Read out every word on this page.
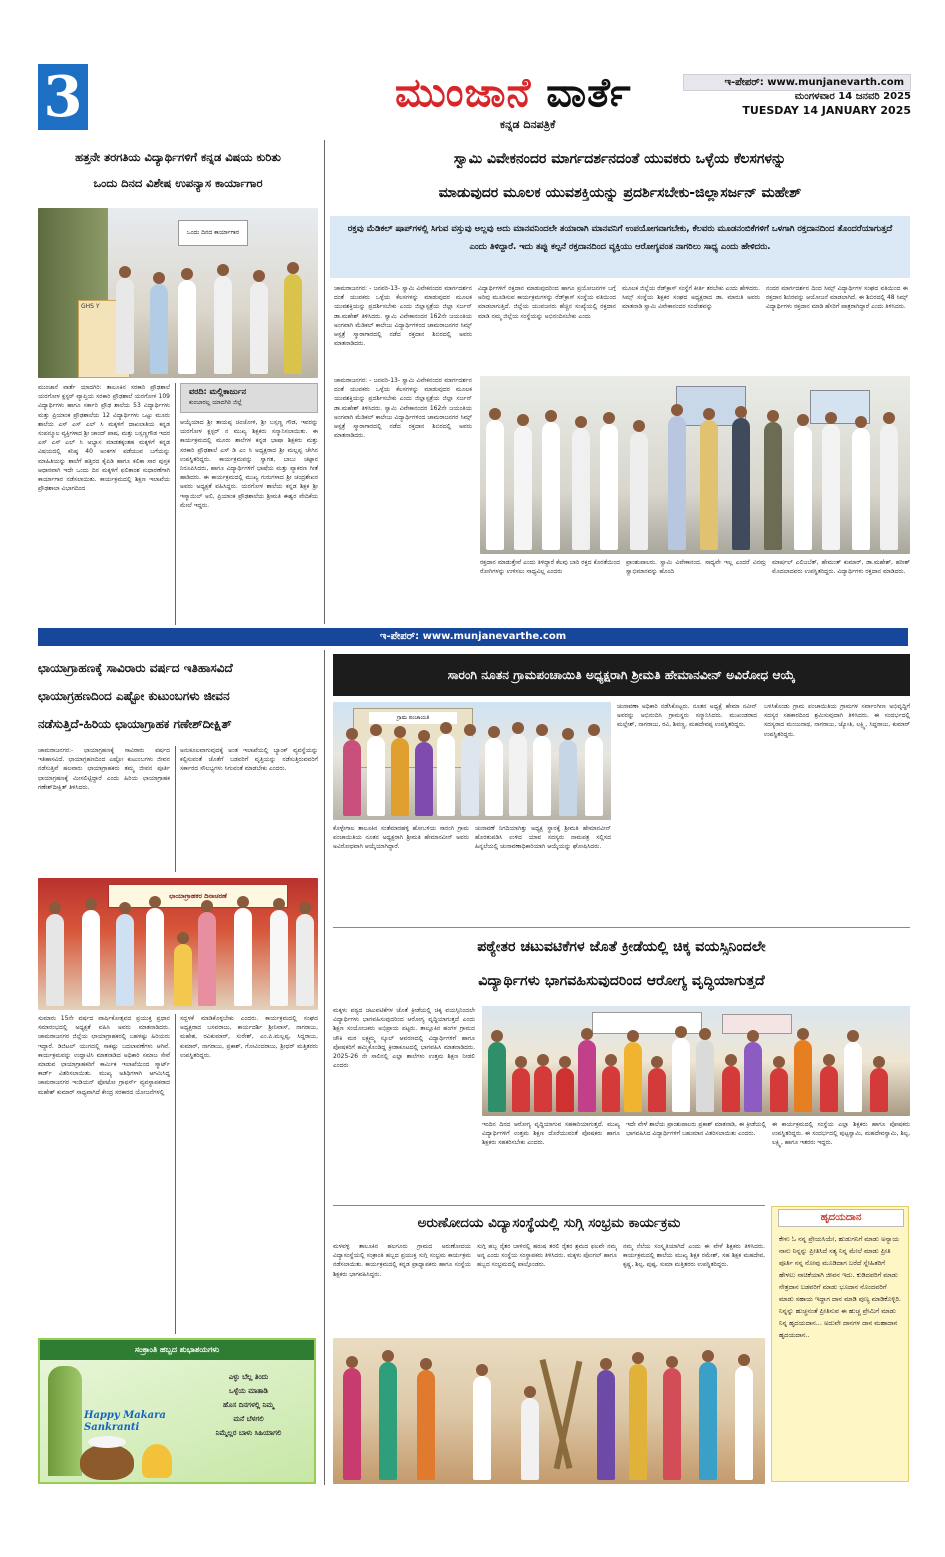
3	ಮುಂಜಾನೆ ವಾರ್ತೆ
ಕನ್ನಡ ದಿನಪತ್ರಿಕೆ
ಇ-ಪೇಪರ್: www.munjanevarth.com
ಮಂಗಳವಾರ 14 ಜನವರಿ 2025
TUESDAY 14 JANUARY 2025
ಹತ್ತನೇ ತರಗತಿಯ ವಿದ್ಯಾರ್ಥಿಗಳಿಗೆ ಕನ್ನಡ ವಿಷಯ ಕುರಿತು
ಒಂದು ದಿನದ ವಿಶೇಷ ಉಪನ್ಯಾಸ ಕಾರ್ಯಾಗಾರ
ಒಂದು ದಿನದ ಕಾರ್ಯಾಗಾರ
GHS Y
ಮುಂಜಾನೆ ವಾರ್ತೆ ಯಾದಗಿರಿ: ತಾಲೂಕಿನ ಸರಕಾರಿ ಪ್ರೌಢಶಾಲೆ ಯರಗೋಳ ಕ್ಲಸ್ಟರ್ ವ್ಯಾಪ್ತಿಯ ಸರಕಾರಿ ಪ್ರೌಢಶಾಲೆ ಯರಗೋಳ 109 ವಿದ್ಯಾರ್ಥಿಗಳು ಹಾಗೂ ಸರ್ಕಾರಿ ಪ್ರೌಢ ಶಾಲೆಯ 53 ವಿದ್ಯಾರ್ಥಿಗಳು ಮತ್ತು ಪ್ರಿಯಾಂಕ ಪ್ರೌಢಶಾಲೆಯ 12 ವಿದ್ಯಾರ್ಥಿಗಳು ಒಟ್ಟು ಮೂರು ಶಾಲೆಯ ಎಸ್ ಎಸ್ ಎಲ್ ಸಿ ಮಕ್ಕಳಿಗೆ ದಾಖಲಾತಿಯ ಕನ್ನಡ ಸಂಪನ್ಮೂಲ ವ್ಯಕ್ತಿಗಳಾದ ಶ್ರೀ ಚಾಂದ್ ಪಾಷ, ಮತ್ತು ಬಸ್ಸಣ್ಣಗೌಡ ಇದರ ಎಸ್ ಎಸ್ ಎಲ್ ಸಿ ಅಭ್ಯಾಸ ಮಾಡತಕ್ಕಂತಹ ಮಕ್ಕಳಿಗೆ ಕನ್ನಡ ವಿಷಯದಲ್ಲಿ ಕನಿಷ್ಠ 40 ಅಂಕಗಳ ಪಡೆಯುವ ಬಗೆಯನ್ನು ಮಾಹಿತಿಯನ್ನು ಶಾಲೆಗೆ ಹತ್ತಿರದ ಕೈಪಿಡಿ ಹಾಗೂ ಕಲಿಕಾ ಸಾರ ಪುಸ್ತಕ ಆಧಾರವಾಗಿ ಇದೇ ಒಂದು ದಿನ ಮಕ್ಕಳಿಗೆ ಫಲಿತಾಂಶ ಸುಧಾರಣೆಗಾಗಿ ಕಾರ್ಯಾಗಾರ ನಡೆಸಲಾಯಿತು. ಕಾರ್ಯಕ್ರಮದಲ್ಲಿ ಶಿಕ್ಷಣ ಇಲಾಖೆಯ ಪ್ರೌಢಶಾಲಾ ವಿಭಾಗದಿಂದ
ವರದಿ: ಮಲ್ಲಿಕಾರ್ಜುನ
ಕುಂಬಾರಲ್ಲ ಯಾದಗಿರಿ ಜಿಲ್ಲೆ
ಆಯ್ಕೆಯಾದ ಶ್ರೀ ತಾಯಪ್ಪ ಚಿಂಚೋಳಿ, ಶ್ರೀ ಬಸ್ಸಣ್ಣ ಗೌಡ, ಇವರನ್ನು ಯರಗೋಳ ಕ್ಲಸ್ಟರ್ ನ ಮುಖ್ಯ ಶಿಕ್ಷಕರು ಸನ್ಮಾನಿಸಲಾಯಿತು. ಈ ಕಾರ್ಯಕ್ರಮದಲ್ಲಿ ಮೂರು ಶಾಲೆಗಳ ಕನ್ನಡ ಭಾಷಾ ಶಿಕ್ಷಕರು ಮತ್ತು ಸರಕಾರಿ ಪ್ರೌಢಶಾಲೆ ಎಸ್ ಡಿ ಎಂ ಸಿ ಅಧ್ಯಕ್ಷರಾದ ಶ್ರೀ ಮಲ್ಲಪ್ಪ ಚೇಗಿನ ಉಪಸ್ಥಿತರಿದ್ದರು. ಕಾರ್ಯಕ್ರಮವನ್ನು ಸ್ವಾಗತ, ಬಾಬು ಚಟ್ಟಾನ ನಿರೂಪಿಸಿದರು, ಹಾಗೂ ವಿದ್ಯಾರ್ಥಿಗಳಿಗೆ ಭಾಷೆಯ ಮತ್ತು ವ್ಯಾಕರಣ ಗೀತೆ ಹಾಡಿದರು. ಈ ಕಾರ್ಯಕ್ರಮದಲ್ಲಿ ಮುಖ್ಯ ಗುರುಗಳಾದ ಶ್ರೀ ಚಂದ್ರಶೇಖರ ಅವರು ಅಧ್ಯಕ್ಷತೆ ವಹಿಸಿದ್ದರು. ಯರಗೋಳ ಶಾಲೆಯ ಕನ್ನಡ ಶಿಕ್ಷಕ ಶ್ರೀ ಇಸ್ಮಾಯಿಲ್ ಅಲಿ, ಪ್ರಿಯಾಂಕ ಪ್ರೌಢಶಾಲೆಯ ಶ್ರೀಮತಿ ಈಶ್ವರ ವೇದಿಕೆಯ ಮೇಲೆ ಇದ್ದರು.
ಸ್ವಾಮಿ ವಿವೇಕನಂದರ ಮಾರ್ಗದರ್ಶನದಂತೆ ಯುವಕರು ಒಳ್ಳೆಯ ಕೆಲಸಗಳನ್ನು
ಮಾಡುವುದರ ಮೂಲಕ ಯುವಶಕ್ತಿಯನ್ನು ಪ್ರದರ್ಶಿಸಬೇಕು-ಜಿಲ್ಲಾಸರ್ಜನ್ ಮಹೇಶ್
ರಕ್ತವು ಮೆಡಿಕಲ್ ಷಾಪ್‌ಗಳಲ್ಲಿ ಸಿಗುವ ವಸ್ತುವು ಅಲ್ಲವು ಅದು ಮಾನವನಿಂದಲೇ ತಯಾರಾಗಿ ಮಾನವನಿಗೆ ಉಪಯೋಗವಾಗಬೇಕು, ಕೆಲವರು ಮೂಡನಂಬಿಕೆಗಳಿಗೆ ಒಳಗಾಗಿ ರಕ್ತದಾನದಿಂದ ತೊಂದರೆಯಾಗುತ್ತದೆ ಎಂದು ತಿಳಿದ್ದಾರೆ. ಇದು ತಪ್ಪು ಕಲ್ಪನೆ ರಕ್ತದಾನದಿಂದ ವ್ಯಕ್ತಿಯು ಆರೋಗ್ಯವಂತ ನಾಗರಿಲು ಸಾಧ್ಯ ಎಂದು ಹೇಳಿದರು.
ಚಾಮರಾಜನಗರ: - ಜನವರಿ-13- ಸ್ವಾಮಿ ವಿವೇಕನಂದರ ಮಾರ್ಗದರ್ಶನ ದಂತೆ ಯುವಕರು ಒಳ್ಳೆಯ ಕೆಲಸಗಳನ್ನು ಮಾಡುವುದರ ಮೂಲಕ ಯುವಶಕ್ತಿಯನ್ನು ಪ್ರದರ್ಶಿಸಬೇಕು ಎಂದು ಜಿಲ್ಲಾಸ್ಪತ್ರೆಯ ಜಿಲ್ಲಾ ಸರ್ಜನ್ ಡಾ.ಮಹೇಶ್ ತಿಳಿಸಿದರು. ಸ್ವಾಮಿ ವಿವೇಕಾನಂದರ 162ನೇ ಜಯಂತಿಯ ಅಂಗವಾಗಿ ಮೆಡಿಕಲ್ ಕಾಲೇಜು ವಿದ್ಯಾರ್ಥಿಗಳಿಂದ ಚಾಮರಾಜನಗರ ಸಿಮ್ಸ್ ಆಸ್ಪತ್ರೆ ಸ್ಮಾರಾಗಾರದಲ್ಲಿ ನಡೆದ ರಕ್ತದಾನ ಶಿಬಿರದಲ್ಲಿ ಅವರು ಮಾತನಾಡಿದರು.
ವಿದ್ಯಾರ್ಥಿಗಳಿಗೆ ರಕ್ತದಾನ ಮಾಡುವುದರಿಂದ ಹಾಗೂ ಪ್ರಯೋಜನಗಳ ಬಗ್ಗೆ ಅರಿವು ಮೂಡಿಸುವ ಕಾರ್ಯಕ್ರಮಗಳನ್ನು ರೆಡ್‌ಕ್ರಾಸ್ ಸಂಸ್ಥೆಯ ವತಿಯಿಂದ ಮಾಡಲಾಗುತ್ತಿದೆ. ಜಿಲ್ಲೆಯ ಯುವಜನರು ಹೆಚ್ಚಿನ ಸಂಖ್ಯೆಯಲ್ಲಿ ರಕ್ತದಾನ ಮಾಡಿ ನಮ್ಮ ಜಿಲ್ಲೆಯ ಸಂಸ್ಥೆಯನ್ನು ಅಭಿನಂದಿಸಬೇಕು ಎಂದು
ಮೂಲಕ ಜಿಲ್ಲೆಯ ರೆಡ್‌ಕ್ರಾಸ್ ಸಂಸ್ಥೆಗೆ ಕೀರ್ತಿ ತರಬೇಕು ಎಂದು ಹೇಳಿದರು. ಸಿಮ್ಸ್ ಸಂಸ್ಥೆಯ ಶಿಕ್ಷಕರ ಸಂಘದ ಅಧ್ಯಕ್ಷರಾದ ಡಾ. ಮಾರುತಿ ಅವರು ಮಾತನಾಡಿ ಸ್ವಾಮಿ ವಿವೇಕಾನಂದರ ಸಂದೇಶವನ್ನು
ನಂದರ ಮಾರ್ಗದರ್ಶನ ದಿಂದ ಸಿಮ್ಸ್ ವಿದ್ಯಾರ್ಥಿಗಳ ಸಂಘದ ವತಿಯಿಂದ ಈ ರಕ್ತದಾನ ಶಿಬಿರವನ್ನು ಆಯೋಜನೆ ಮಾಡಲಾಗಿದೆ. ಈ ಶಿಬಿರದಲ್ಲಿ 48 ಸಿಮ್ಸ್ ವಿದ್ಯಾರ್ಥಿಗಳು ರಕ್ತದಾನ ಮಾಡಿ ಹೆಸರಿಗೆ ಪಾತ್ರರಾಗಿದ್ದಾರೆ ಎಂದು ತಿಳಿಸಿದರು.
ಚಾಮರಾಜನಗರ: - ಜನವರಿ-13- ಸ್ವಾಮಿ ವಿವೇಕನಂದರ ಮಾರ್ಗದರ್ಶನ ದಂತೆ ಯುವಕರು ಒಳ್ಳೆಯ ಕೆಲಸಗಳನ್ನು ಮಾಡುವುದರ ಮೂಲಕ ಯುವಶಕ್ತಿಯನ್ನು ಪ್ರದರ್ಶಿಸಬೇಕು ಎಂದು ಜಿಲ್ಲಾಸ್ಪತ್ರೆಯ ಜಿಲ್ಲಾ ಸರ್ಜನ್ ಡಾ.ಮಹೇಶ್ ತಿಳಿಸಿದರು. ಸ್ವಾಮಿ ವಿವೇಕಾನಂದರ 162ನೇ ಜಯಂತಿಯ ಅಂಗವಾಗಿ ಮೆಡಿಕಲ್ ಕಾಲೇಜು ವಿದ್ಯಾರ್ಥಿಗಳಿಂದ ಚಾಮರಾಜನಗರ ಸಿಮ್ಸ್ ಆಸ್ಪತ್ರೆ ಸ್ಮಾರಾಗಾರದಲ್ಲಿ ನಡೆದ ರಕ್ತದಾನ ಶಿಬಿರದಲ್ಲಿ ಅವರು ಮಾತನಾಡಿದರು.
ರಕ್ತದಾನ ಮಾಡುತ್ತೇವೆ ಎಂದು ತಿಳಿದ್ದಾರೆ ಕೆಲವು ಬಾರಿ ರಕ್ತದ ಕೊರತೆಯಿಂದ ರೋಗಿಗಳನ್ನು ಉಳಿಸಲು ಸಾಧ್ಯವಿಲ್ಲ ಎಂದರು
ಪ್ರಾಂಶುಪಾಲರು. ಸ್ವಾಮಿ ವಿವೇಕಾನಂದ. ಸಾಧ್ಯವೇ ಇಲ್ಲ ಎಂದರೆ ವಿನಮ್ರ ಸ್ವಾಭಿಮಾನವನ್ನು ಹೊಂದಿ
ಮಾರ್ಷಲ್ ಎಲಿಜಬೆತ್, ಹೇಮಂತ್ ಕುಮಾರ್, ಡಾ.ಮಹೇಶ್, ಹರೀಶ್ ಮೊದಲಾದವರು ಉಪಸ್ಥಿತರಿದ್ದರು. ವಿದ್ಯಾರ್ಥಿಗಳು ರಕ್ತದಾನ ಮಾಡಿದರು.
ಇ-ಪೇಪರ್: www.munjanevarthe.com
ಛಾಯಾಗ್ರಾಹಣಕ್ಕೆ ಸಾವಿರಾರು ವರ್ಷದ ಇತಿಹಾಸವಿದೆ
ಛಾಯಾಗ್ರಹಣದಿಂದ ಎಷ್ಟೋ ಕುಟುಂಬಗಳು ಜೀವನ
ನಡೆಸುತ್ತಿದೆ-ಹಿರಿಯ ಛಾಯಾಗ್ರಾಹಕ ಗಣೇಶ್‌ದೀಕ್ಷಿತ್
ಚಾಮರಾಜನಗರ:- ಛಾಯಾಗ್ರಹಣಕ್ಕೆ ಸಾವಿರಾರು ವರ್ಷದ ಇತಿಹಾಸವಿದೆ. ಛಾಯಾಗ್ರಹಣದಿಂದ ಎಷ್ಟೋ ಕುಟುಂಬಗಳು ಜೀವನ ನಡೆಸುತ್ತಿವೆ ಹಲವಾರು ಛಾಯಾಗ್ರಾಹಕರು ತಮ್ಮ ಜೀವನ ಪೂರ್ತಿ ಛಾಯಾಗ್ರಹಣಕ್ಕೆ ಮೀಸಲಿಟ್ಟಿದ್ದಾರೆ ಎಂದು ಹಿರಿಯ ಛಾಯಾಗ್ರಾಹಕ ಗಣೇಶ್‌ದೀಕ್ಷಿತ್ ತಿಳಿಸಿದರು.
ಅನುಕೂಲವಾಗುವುದಕ್ಕೆ ಅಂತ ಇಲಾಖೆಯಲ್ಲಿ ಬ್ಯಾಂಕ್ ವ್ಯವಸ್ಥೆಯನ್ನು ಕಲ್ಪಿಸುವಂತೆ ಜೊತೆಗೆ ಬಡವರಿಗೆ ವೃತ್ತಿಯನ್ನು ನಡೆಸುತ್ತಿರುವವರಿಗೆ ಸರ್ಕಾರದ ಸೌಲಭ್ಯಗಳು ಸಿಗುವಂತೆ ಮಾಡಬೇಕು ಎಂದರು.
ಛಾಯಾಗ್ರಾಹಕರ ದಿನಾಚರಣೆ
ಸುಮಾರು 15ನೇ ವರ್ಷದ ವಾರ್ಷಿಕೋತ್ಸವದ ಪ್ರಯುಕ್ತ ಪ್ರಧಾನ ಸಮಾರಂಭದಲ್ಲಿ ಅಧ್ಯಕ್ಷತೆ ವಹಿಸಿ ಅವರು ಮಾತನಾಡಿದರು. ಚಾಮರಾಜನಗರ ಜಿಲ್ಲೆಯ ಛಾಯಾಗ್ರಾಹಕರಲ್ಲಿ ಬಹಳಷ್ಟು ಹಿರಿಯರು ಇದ್ದಾರೆ. ಡಿಜಿಟಲ್ ಯುಗದಲ್ಲಿ ಸಾಕಷ್ಟು ಬದಲಾವಣೆಗಳು ಆಗಿವೆ. ಕಾರ್ಯಕ್ರಮವನ್ನು ಉದ್ಘಾಟಿಸಿ ಮಾತನಾಡಿದ ಅಧಿಕಾರಿ ಸಮಾಜ ಸೇವೆ ಮಾಡುವ ಛಾಯಾಗ್ರಾಹಕರಿಗೆ ಕಾರ್ಮಿಕ ಇಲಾಖೆಯಿಂದ ಸ್ಮಾರ್ಟ್ ಕಾರ್ಡ್ ವಿತರಿಸಲಾಯಿತು. ಮುಖ್ಯ ಅತಿಥಿಗಳಾಗಿ ಆಗಮಿಸಿದ್ದ ಚಾಮರಾಜನಗರ ಇಂಡಿಯನ್ ಫೋಟೋ ಗ್ರಾಫರ್ಸ್ ವ್ಯವಸ್ಥಾಪಕರಾದ ಮಹೇಶ್ ಕುಮಾರ್ ಸಾಧ್ಯವಾಗಿದೆ ಕೇಂದ್ರ ಸರಕಾರದ ಯೋಜನೆಗಳಲ್ಲಿ
ಸದ್ಬಳಕೆ ಮಾಡಿಕೊಳ್ಳಬೇಕು ಎಂದರು. ಕಾರ್ಯಕ್ರಮದಲ್ಲಿ ಸಂಘದ ಅಧ್ಯಕ್ಷರಾದ ಬಸವರಾಜು, ಕಾರ್ಯದರ್ಶಿ ಶ್ರೀನಿವಾಸ್, ನಾಗರಾಜು, ಮಹೇಶ, ರವಿಕುಮಾರ್, ಸುರೇಶ್, ಎಂ.ಪಿ.ಮಲ್ಲಪ್ಪ, ಸಿದ್ದರಾಜು, ಕುಮಾರ್, ನಾಗರಾಜು, ಪ್ರಕಾಶ್, ಗೋವಿಂದರಾಜು, ಶ್ರೀಧರ್ ಮತ್ತಿತರರು ಉಪಸ್ಥಿತರಿದ್ದರು.
ಸಾರಂಗಿ ನೂತನ ಗ್ರಾಮಪಂಚಾಯಿತಿ ಅಧ್ಯಕ್ಷರಾಗಿ ಶ್ರೀಮತಿ ಹೇಮಾನವೀನ್ ಅವಿರೋಧ ಆಯ್ಕೆ
ಗ್ರಾಮ ಪಂಚಾಯತಿ
ಕೊಳ್ಳೇಗಾಲ ತಾಲೂಕಿನ ಸಂತೆಮಾರಹಳ್ಳಿ ಹೋಬಳಿಯ ಸಾರಂಗಿ ಗ್ರಾಮ ಪಂಚಾಯಿತಿಯ ನೂತನ ಅಧ್ಯಕ್ಷರಾಗಿ ಶ್ರೀಮತಿ ಹೇಮಾನವೀನ್ ಅವರು ಅವಿರೋಧವಾಗಿ ಆಯ್ಕೆಯಾಗಿದ್ದಾರೆ.
ಚುನಾವಣೆ ನಿಗದಿಯಾಗಿತ್ತು ಅಧ್ಯಕ್ಷ ಸ್ಥಾನಕ್ಕೆ ಶ್ರೀಮತಿ ಹೇಮಾನವೀನ್ ಹೊರತುಪಡಿಸಿ ಉಳಿದ ಯಾವ ಸದಸ್ಯರು ನಾಮಪತ್ರ ಸಲ್ಲಿಸದ ಹಿನ್ನಲೆಯಲ್ಲಿ ಚುನಾವಣಾಧಿಕಾರಿಯಾಗಿ ಆಯ್ಕೆಯನ್ನು ಘೋಷಿಸಿದರು.
ಚುನಾವಣಾ ಅಧಿಕಾರಿ ನಡೆಸಿಕೊಟ್ಟರು. ನೂತನ ಅಧ್ಯಕ್ಷೆ ಹೇಮಾ ನವೀನ್ ಅವರನ್ನು ಅಭಿನಂದಿಸಿ ಗ್ರಾಮಸ್ಥರು ಸನ್ಮಾನಿಸಿದರು. ಮುಖಂಡರಾದ ಮಲ್ಲೇಶ್, ನಾಗರಾಜು, ರವಿ, ಶಿವಣ್ಣ, ಮಹದೇವಪ್ಪ ಉಪಸ್ಥಿತರಿದ್ದರು.
ಬಳಸಿಕೊಂಡು ಗ್ರಾಮ ಪಂಚಾಯಿತಿಯ ಗ್ರಾಮಗಳ ಸರ್ವಾಂಗೀಣ ಅಭಿವೃದ್ಧಿಗೆ ಸದಸ್ಯರ ಸಹಕಾರದಿಂದ ಶ್ರಮಿಸುವುದಾಗಿ ತಿಳಿಸಿದರು. ಈ ಸಂದರ್ಭದಲ್ಲಿ ಸದಸ್ಯರಾದ ಮಂಜುನಾಥ, ನಾಗರಾಜು, ಜ್ಯೋತಿ, ಲಕ್ಷ್ಮಿ, ಸಿದ್ದರಾಜು, ಕುಮಾರ್ ಉಪಸ್ಥಿತರಿದ್ದರು.
ಪಠ್ಯೇತರ ಚಟುವಟಿಕೆಗಳ ಜೊತೆ ಕ್ರೀಡೆಯಲ್ಲಿ ಚಿಕ್ಕ ವಯಸ್ಸಿನಿಂದಲೇ
ವಿದ್ಯಾರ್ಥಿಗಳು ಭಾಗವಹಿಸುವುದರಿಂದ ಆರೋಗ್ಯ ವೃದ್ಧಿಯಾಗುತ್ತದೆ
ಮಕ್ಕಳು ಪಠ್ಯದ ಚಟುವಟಿಕೆಗಳ ಜೊತೆ ಕ್ರೀಡೆಯಲ್ಲಿ ಚಿಕ್ಕ ವಯಸ್ಸಿನಿಂದಲೇ ವಿದ್ಯಾರ್ಥಿಗಳು ಭಾಗವಹಿಸುವುದರಿಂದ ಆರೋಗ್ಯ ವೃದ್ಧಿಯಾಗುತ್ತದೆ ಎಂದು ಶಿಕ್ಷಣ ಸಂಯೋಜಕರು ಅಭಿಪ್ರಾಯ ಪಟ್ಟರು. ತಾಲ್ಲೂಕಿನ ಹಂಗಳ ಗ್ರಾಮದ ಚೌಕಿ ಮಠ ಲಕ್ಷ್ಮಮ್ಮ ಸ್ಕೂಲ್ ಆವರಣದಲ್ಲಿ ವಿದ್ಯಾರ್ಥಿಗಳಿಗೆ ಹಾಗೂ ಪೋಷಕರಿಗೆ ಹಮ್ಮಿಕೊಂಡಿದ್ದ ಕ್ರೀಡಾಕೂಟದಲ್ಲಿ ಭಾಗವಹಿಸಿ ಮಾತನಾಡಿದರು. 2025-26 ನೇ ಸಾಲಿನಲ್ಲಿ ಎಲ್ಲಾ ಶಾಲೆಗಳು ಉತ್ತಮ ಶಿಕ್ಷಣ ನೀಡಲಿ ಎಂದರು
ಇಂದಿನ ದಿನದ ಆರೋಗ್ಯ ವೃದ್ಧಿಯಾಗುವ ಸಹಕಾರಿಯಾಗುತ್ತದೆ. ಮುಖ್ಯ ವಿದ್ಯಾರ್ಥಿಗಳಿಗೆ ಉತ್ತಮ ಶಿಕ್ಷಣ ದೊರೆಯುವಂತೆ ಪೋಷಕರು ಹಾಗೂ ಶಿಕ್ಷಕರು ಸಹಕರಿಸಬೇಕು ಎಂದರು.
ಇದೇ ವೇಳೆ ಶಾಲೆಯ ಪ್ರಾಂಶುಪಾಲರು ಪ್ರಕಾಶ್ ಮಾತನಾಡಿ, ಈ ಕ್ರೀಡೆಯಲ್ಲಿ ಭಾಗವಹಿಸಿದ ವಿದ್ಯಾರ್ಥಿಗಳಿಗೆ ಬಹುಮಾನ ವಿತರಿಸಲಾಯಿತು ಎಂದರು.
ಈ ಕಾರ್ಯಕ್ರಮದಲ್ಲಿ ಸಂಸ್ಥೆಯ ಎಲ್ಲಾ ಶಿಕ್ಷಕರು ಹಾಗೂ ಪೋಷಕರು ಉಪಸ್ಥಿತರಿದ್ದರು. ಈ ಸಂದರ್ಭದಲ್ಲಿ ಪುಟ್ಟಸ್ವಾಮಿ, ಮಹದೇವಸ್ವಾಮಿ, ಶಿಲ್ಪ, ಲಕ್ಷ್ಮಿ, ಹಾಗೂ ಇತರರು ಇದ್ದರು.
ಅರುಣೋದಯ ವಿದ್ಯಾಸಂಸ್ಥೆಯಲ್ಲಿ ಸುಗ್ಗಿ ಸಂಭ್ರಮ ಕಾರ್ಯಕ್ರಮ
ಮಳವಳ್ಳಿ ತಾಲೂಕಿನ ಹಲಗೂರು ಗ್ರಾಮದ ಅರುಣೋದಯ ವಿದ್ಯಾಸಂಸ್ಥೆಯಲ್ಲಿ ಸಂಕ್ರಾಂತಿ ಹಬ್ಬದ ಪ್ರಯುಕ್ತ ಸುಗ್ಗಿ ಸಂಭ್ರಮ ಕಾರ್ಯಕ್ರಮ ನಡೆಸಲಾಯಿತು. ಕಾರ್ಯಕ್ರಮದಲ್ಲಿ ಕನ್ನಡ ಪ್ರಾಧ್ಯಾಪಕರು ಹಾಗೂ ಸಂಸ್ಥೆಯ ಶಿಕ್ಷಕರು ಭಾಗವಹಿಸಿದ್ದರು.
ಸುಗ್ಗಿ ಹಬ್ಬ ರೈತರ ಬಾಳಿನಲ್ಲಿ ಹರುಷ ತರಲಿ ರೈತರ ಶ್ರಮದ ಫಲವೇ ನಮ್ಮ ಅನ್ನ ಎಂದು ಸಂಸ್ಥೆಯ ಸಂಸ್ಥಾಪಕರು ತಿಳಿಸಿದರು. ಮಕ್ಕಳು ಪೊಂಗಲ್ ಹಾಗೂ ಹಬ್ಬದ ಸಂಭ್ರಮದಲ್ಲಿ ಪಾಲ್ಗೊಂಡರು.
ನಮ್ಮ ನೆಲೆಯ ಸಂಸ್ಕೃತಿಯಾಗಿದೆ ಎಂದು ಈ ವೇಳೆ ಶಿಕ್ಷಕರು ತಿಳಿಸಿದರು. ಕಾರ್ಯಕ್ರಮದಲ್ಲಿ ಶಾಲೆಯ ಮುಖ್ಯ ಶಿಕ್ಷಕ ರಮೇಶ್, ಸಹ ಶಿಕ್ಷಕ ಮಹದೇವ, ಕೃಷ್ಣ, ಶಿಲ್ಪ, ಪುಷ್ಪ, ಸುಮಾ ಮತ್ತಿತರರು ಉಪಸ್ಥಿತರಿದ್ದರು.
ಹೃದಯದಾನ
ಕೇಳು ಓ ನನ್ನ ಪ್ರೇಯಸಿಯೇ, ಹುಡುಗನಿಗೆ ಮಾಡು ಅನ್ಯಾಯ ನಾನು ನಿನ್ನನ್ನು ಪ್ರೀತಿಸಿದೆ ಸತ್ಯ ನಿನ್ನ ಮೇಲೆ ಮಾಡು ಪ್ರೀತಿ ಪೂರ್ತಿ ನನ್ನ ನೋವು ಮೂಡಿದಾಗ ಬರೆದೆ ಸ್ನೇಹಿತರಿಗೆ ಹೇಳಲು ನಾಚಿಕೆಯಾಗಿ ಜೀವನ ಇದು. ಕುಡಿದವರಿಗೆ ಮಾಡು ನೇತ್ರದಾನ ಬಡವರಿಗೆ ಮಾಡು ಭೂದಾನ ನೊಂದವರಿಗೆ ಮಾಡು ಸಹಾಯ ಇದ್ದಾಗ ದಾನ ಮಾಡಿ ಪುಣ್ಯ ಮಾಡಿಕೊಳ್ಳಿರಿ. ನಿನ್ನನ್ನು ಹುಚ್ಚನಂತೆ ಪ್ರೀತಿಸುವ ಈ ಹುಚ್ಚ ಪ್ರೇಮಿಗೆ ಮಾಡು ನಿನ್ನ ಹೃದಯದಾನ... ಅದುವೇ ದಾನಗಳ ದಾನ ಮಹಾದಾನ ಹೃದಯದಾನ..
ಸಂಕ್ರಾಂತಿ ಹಬ್ಬದ ಶುಭಾಶಯಗಳು
Happy Makara
Sankranti
ಎಳ್ಳು ಬೆಲ್ಲ ತಿಂದು
ಒಳ್ಳೆಯ ಮಾತಾಡಿ
ಹೊಸ ದಿನಗಳಲ್ಲಿ ನಿಮ್ಮ
ಮನೆ ಬೆಳಗಲಿ
ನಿಮ್ಮೆಲ್ಲರ ಬಾಳು ಸಿಹಿಯಾಗಲಿ
